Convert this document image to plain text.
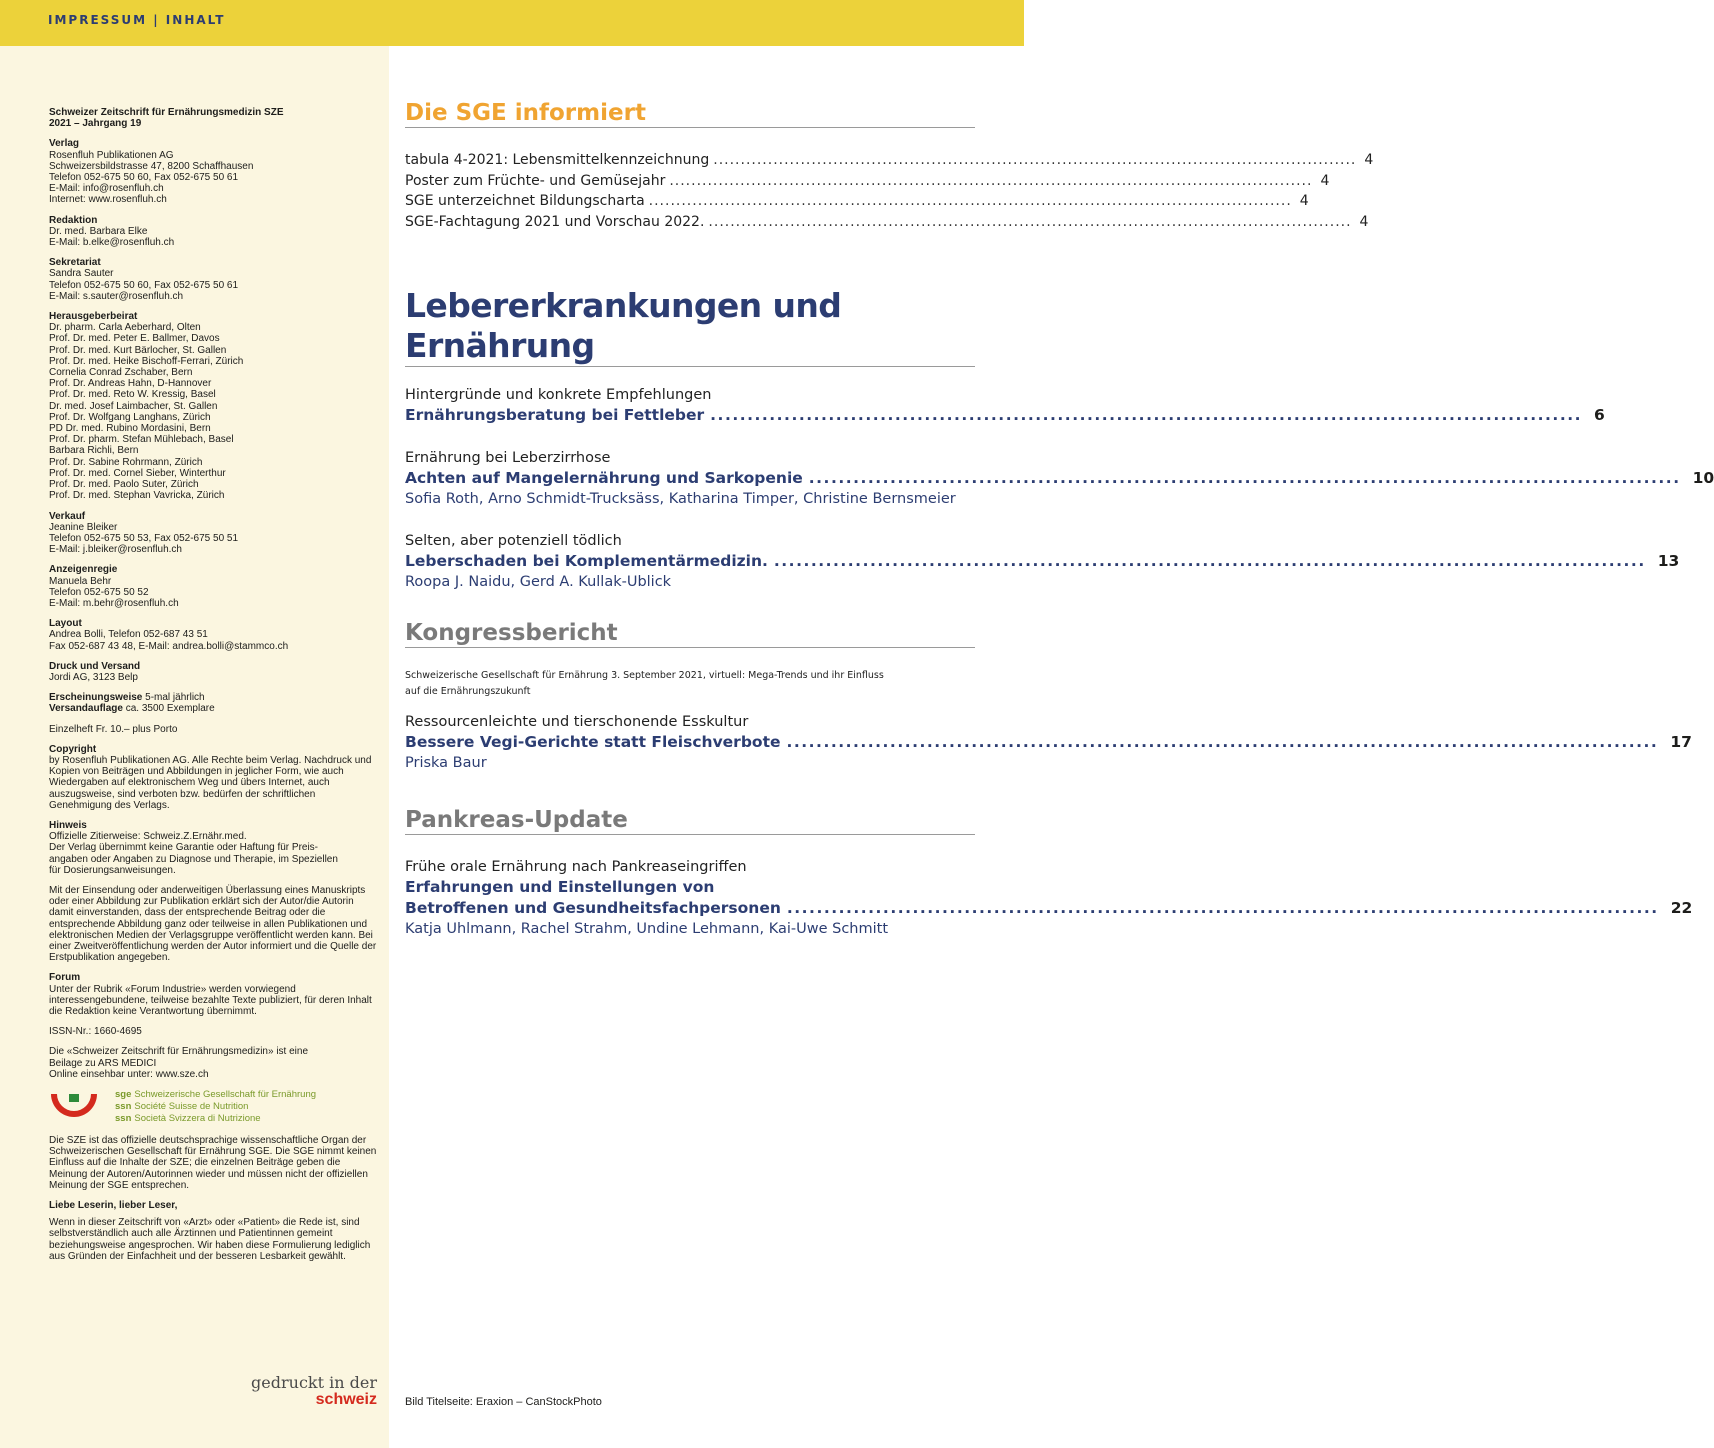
IMPRESSUM | INHALT
Schweizer Zeitschrift für Ernährungsmedizin SZE
2021 – Jahrgang 19
Verlag
Rosenfluh Publikationen AG
Schweizersbildstrasse 47, 8200 Schaffhausen
Telefon 052-675 50 60, Fax 052-675 50 61
E-Mail: info@rosenfluh.ch
Internet: www.rosenfluh.ch
Redaktion
Dr. med. Barbara Elke
E-Mail: b.elke@rosenfluh.ch
Sekretariat
Sandra Sauter
Telefon 052-675 50 60, Fax 052-675 50 61
E-Mail: s.sauter@rosenfluh.ch
Herausgeberbeirat
Dr. pharm. Carla Aeberhard, Olten
Prof. Dr. med. Peter E. Ballmer, Davos
Prof. Dr. med. Kurt Bärlocher, St. Gallen
Prof. Dr. med. Heike Bischoff-Ferrari, Zürich
Cornelia Conrad Zschaber, Bern
Prof. Dr. Andreas Hahn, D-Hannover
Prof. Dr. med. Reto W. Kressig, Basel
Dr. med. Josef Laimbacher, St. Gallen
Prof. Dr. Wolfgang Langhans, Zürich
PD Dr. med. Rubino Mordasini, Bern
Prof. Dr. pharm. Stefan Mühlebach, Basel
Barbara Richli, Bern
Prof. Dr. Sabine Rohrmann, Zürich
Prof. Dr. med. Cornel Sieber, Winterthur
Prof. Dr. med. Paolo Suter, Zürich
Prof. Dr. med. Stephan Vavricka, Zürich
Verkauf
Jeanine Bleiker
Telefon 052-675 50 53, Fax 052-675 50 51
E-Mail: j.bleiker@rosenfluh.ch
Anzeigenregie
Manuela Behr
Telefon 052-675 50 52
E-Mail: m.behr@rosenfluh.ch
Layout
Andrea Bolli, Telefon 052-687 43 51
Fax 052-687 43 48, E-Mail: andrea.bolli@stammco.ch
Druck und Versand
Jordi AG, 3123 Belp
Erscheinungsweise 5-mal jährlich
Versandauflage ca. 3500 Exemplare
Einzelheft Fr. 10.– plus Porto
Copyright
by Rosenfluh Publikationen AG. Alle Rechte beim Verlag. Nachdruck und Kopien von Beiträgen und Abbildungen in jeglicher Form, wie auch Wiedergaben auf elektronischem Weg und übers Internet, auch auszugsweise, sind verboten bzw. bedürfen der schriftlichen Genehmigung des Verlags.
Hinweis
Offizielle Zitierweise: Schweiz.Z.Ernähr.med.
Der Verlag übernimmt keine Garantie oder Haftung für Preis-
angaben oder Angaben zu Diagnose und Therapie, im Speziellen
für Dosierungsanweisungen.
Mit der Einsendung oder anderweitigen Überlassung eines Manuskripts oder einer Abbildung zur Publikation erklärt sich der Autor/die Autorin damit einverstanden, dass der entsprechende Beitrag oder die entsprechende Abbildung ganz oder teilweise in allen Publikationen und elektronischen Medien der Verlagsgruppe veröffentlicht werden kann. Bei einer Zweitveröffentlichung werden der Autor informiert und die Quelle der Erstpublikation angegeben.
Forum
Unter der Rubrik «Forum Industrie» werden vorwiegend interessengebundene, teilweise bezahlte Texte publiziert, für deren Inhalt die Redaktion keine Verantwortung übernimmt.
ISSN-Nr.: 1660-4695
Die «Schweizer Zeitschrift für Ernährungsmedizin» ist eine
Beilage zu ARS MEDICI
Online einsehbar unter: www.sze.ch
sge Schweizerische Gesellschaft für Ernährung
ssn Société Suisse de Nutrition
ssn Società Svizzera di Nutrizione
Die SZE ist das offizielle deutschsprachige wissenschaftliche Organ der Schweizerischen Gesellschaft für Ernährung SGE. Die SGE nimmt keinen Einfluss auf die Inhalte der SZE; die einzelnen Beiträge geben die Meinung der Autoren/Autorinnen wieder und müssen nicht der offiziellen Meinung der SGE entsprechen.
Liebe Leserin, lieber Leser,
Wenn in dieser Zeitschrift von «Arzt» oder «Patient» die Rede ist, sind selbstverständlich auch alle Ärztinnen und Patientinnen gemeint beziehungsweise angesprochen. Wir haben diese Formulierung lediglich aus Gründen der Einfachheit und der besseren Lesbarkeit gewählt.
gedruckt in der
schweiz
Die SGE informiert
tabula 4-2021: Lebensmittelkennzeichnung ...................................................................................................................... 4
Poster zum Früchte- und Gemüsejahr ...................................................................................................................... 4
SGE unterzeichnet Bildungscharta ...................................................................................................................... 4
SGE-Fachtagung 2021 und Vorschau 2022. ...................................................................................................................... 4
Lebererkrankungen und Ernährung
Hintergründe und konkrete Empfehlungen
Ernährungsberatung bei Fettleber ...................................................................................................................... 6
Ernährung bei Leberzirrhose
Achten auf Mangelernährung und Sarkopenie ...................................................................................................................... 10
Sofia Roth, Arno Schmidt-Trucksäss, Katharina Timper, Christine Bernsmeier
Selten, aber potenziell tödlich
Leberschaden bei Komplementärmedizin. ...................................................................................................................... 13
Roopa J. Naidu, Gerd A. Kullak-Ublick
Kongressbericht
Schweizerische Gesellschaft für Ernährung 3. September 2021, virtuell: Mega-Trends und ihr Einfluss
auf die Ernährungszukunft
Ressourcenleichte und tierschonende Esskultur
Bessere Vegi-Gerichte statt Fleischverbote ...................................................................................................................... 17
Priska Baur
Pankreas-Update
Frühe orale Ernährung nach Pankreaseingriffen
Erfahrungen und Einstellungen von
Betroffenen und Gesundheitsfachpersonen ...................................................................................................................... 22
Katja Uhlmann, Rachel Strahm, Undine Lehmann, Kai-Uwe Schmitt
Bild Titelseite: Eraxion – CanStockPhoto
